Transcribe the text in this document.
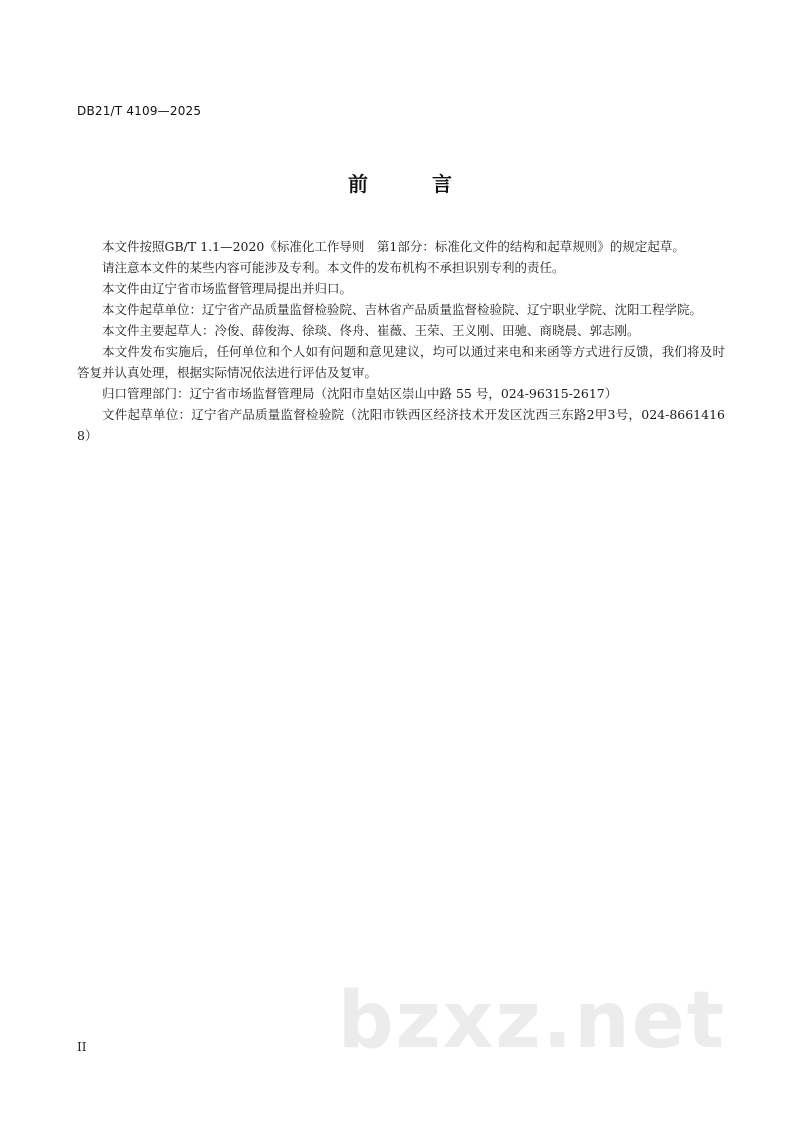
DB21/T 4109—2025
前　言

本文件按照GB/T 1.1—2020《标准化工作导则　第1部分：标准化文件的结构和起草规则》的规定起草。

请注意本文件的某些内容可能涉及专利。本文件的发布机构不承担识别专利的责任。

本文件由辽宁省市场监督管理局提出并归口。

本文件起草单位：辽宁省产品质量监督检验院、吉林省产品质量监督检验院、辽宁职业学院、沈阳工程学院。

本文件主要起草人：冷俊、薛俊海、徐琰、佟舟、崔薇、王荣、王义刚、田驰、商晓晨、郭志刚。

本文件发布实施后，任何单位和个人如有问题和意见建议，均可以通过来电和来函等方式进行反馈，我们将及时答复并认真处理，根据实际情况依法进行评估及复审。

归口管理部门：辽宁省市场监督管理局（沈阳市皇姑区崇山中路 55 号，024-96315-2617）

文件起草单位：辽宁省产品质量监督检验院（沈阳市铁西区经济技术开发区沈西三东路2甲3号，024-86614168）

II	bzxz.net
